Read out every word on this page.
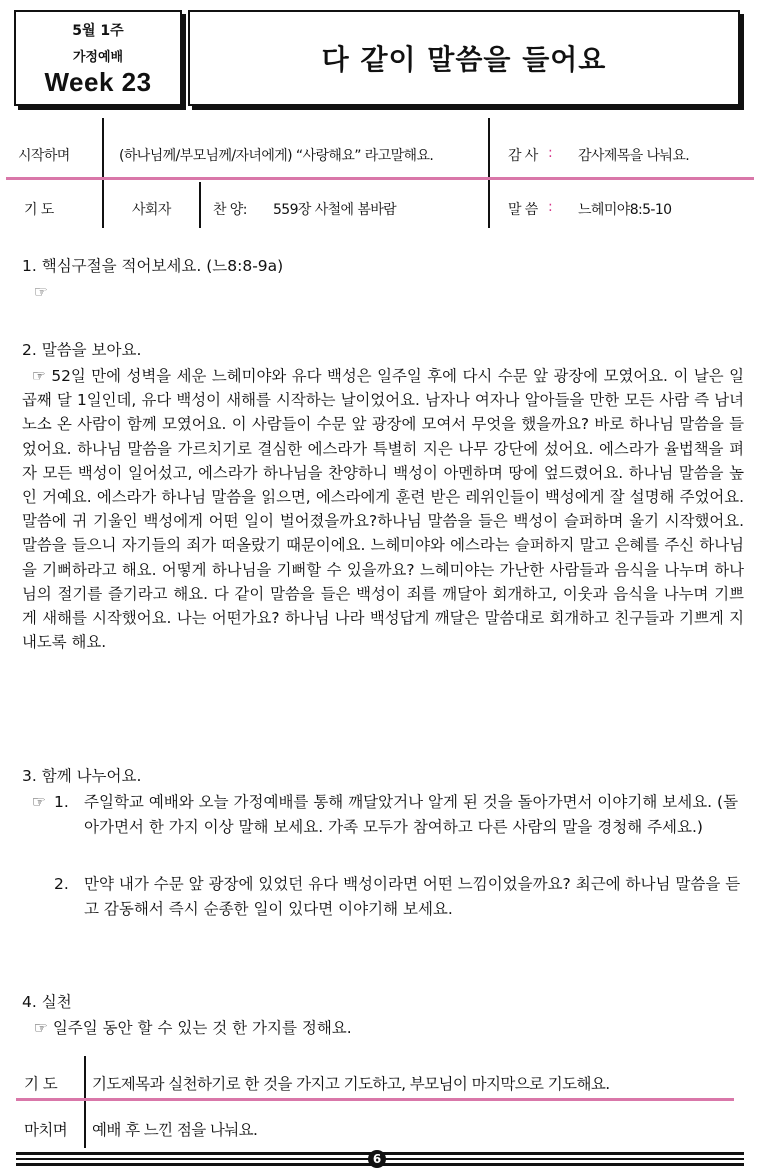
5월 1주
가정예배
Week 23
다 같이 말씀을 들어요
시작하며	(하나님께/부모님께/자녀에게) “사랑해요” 라고말해요.	감 사 : 감사제목을 나눠요.
기 도	사회자	찬 양: 559장 사철에 봄바람	말 씀 : 느헤미야8:5-10

1. 핵심구절을 적어보세요. (느8:8-9a)

☞

2. 말씀을 보아요.

☞ 52일 만에 성벽을 세운 느헤미야와 유다 백성은 일주일 후에 다시 수문 앞 광장에 모였어요. 이 날은 일곱째 달 1일인데, 유다 백성이 새해를 시작하는 날이었어요. 남자나 여자나 알아들을 만한 모든 사람 즉 남녀노소 온 사람이 함께 모였어요. 이 사람들이 수문 앞 광장에 모여서 무엇을 했을까요? 바로 하나님 말씀을 들었어요. 하나님 말씀을 가르치기로 결심한 에스라가 특별히 지은 나무 강단에 섰어요. 에스라가 율법책을 펴자 모든 백성이 일어섰고, 에스라가 하나님을 찬양하니 백성이 아멘하며 땅에 엎드렸어요. 하나님 말씀을 높인 거예요. 에스라가 하나님 말씀을 읽으면, 에스라에게 훈련 받은 레위인들이 백성에게 잘 설명해 주었어요. 말씀에 귀 기울인 백성에게 어떤 일이 벌어졌을까요?하나님 말씀을 들은 백성이 슬퍼하며 울기 시작했어요. 말씀을 들으니 자기들의 죄가 떠올랐기 때문이에요. 느헤미야와 에스라는 슬퍼하지 말고 은혜를 주신 하나님을 기뻐하라고 해요. 어떻게 하나님을 기뻐할 수 있을까요? 느헤미야는 가난한 사람들과 음식을 나누며 하나님의 절기를 즐기라고 해요. 다 같이 말씀을 들은 백성이 죄를 깨달아 회개하고, 이웃과 음식을 나누며 기쁘게 새해를 시작했어요. 나는 어떤가요? 하나님 나라 백성답게 깨달은 말씀대로 회개하고 친구들과 기쁘게 지내도록 해요.

3. 함께 나누어요.

☞ 1. 주일학교 예배와 오늘 가정예배를 통해 깨달았거나 알게 된 것을 돌아가면서 이야기해 보세요. (돌아가면서 한 가지 이상 말해 보세요. 가족 모두가 참여하고 다른 사람의 말을 경청해 주세요.)
2. 만약 내가 수문 앞 광장에 있었던 유다 백성이라면 어떤 느낌이었을까요? 최근에 하나님 말씀을 듣고 감동해서 즉시 순종한 일이 있다면 이야기해 보세요.

4. 실천

☞ 일주일 동안 할 수 있는 것 한 가지를 정해요.

기 도 기도제목과 실천하기로 한 것을 가지고 기도하고, 부모님이 마지막으로 기도해요.
마치며 예배 후 느낀 점을 나눠요.
6
